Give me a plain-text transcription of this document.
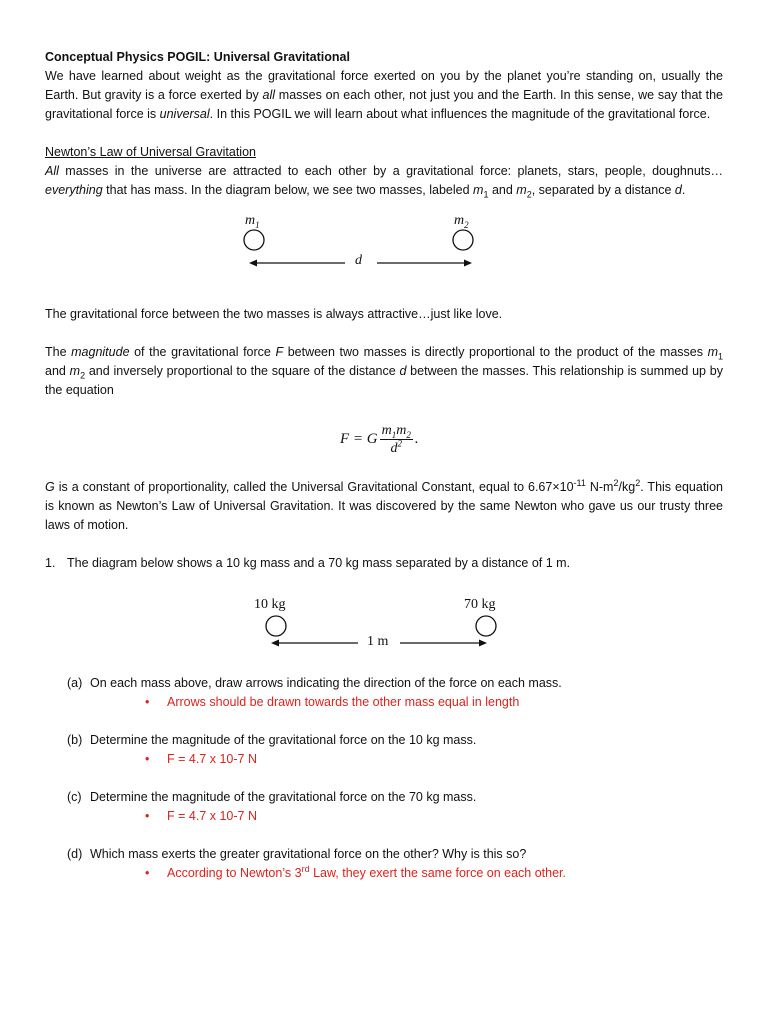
Conceptual Physics POGIL: Universal Gravitational

We have learned about weight as the gravitational force exerted on you by the planet you’re standing on, usually the Earth. But gravity is a force exerted by all masses on each other, not just you and the Earth. In this sense, we say that the gravitational force is universal. In this POGIL we will learn about what influences the magnitude of the gravitational force.

Newton’s Law of Universal Gravitation

All masses in the universe are attracted to each other by a gravitational force: planets, stars, people, doughnuts…everything that has mass. In the diagram below, we see two masses, labeled $m_1$ and $m_2$, separated by a distance d.

$m_1$	$m_2$
d

The gravitational force between the two masses is always attractive…just like love.

The magnitude of the gravitational force F between two masses is directly proportional to the product of the masses $m_1$ and $m_2$ and inversely proportional to the square of the distance d between the masses. This relationship is summed up by the equation

F = G $\frac{m_1m_2}{d^2}$ .

G is a constant of proportionality, called the Universal Gravitational Constant, equal to $6.67\times 10^{-11}$ $N-m^2/kg^2$. This equation is known as Newton’s Law of Universal Gravitation. It was discovered by the same Newton who gave us our trusty three laws of motion.

1. The diagram below shows a 10 kg mass and a 70 kg mass separated by a distance of 1 m.

10 kg	70 kg
1 m

(a) On each mass above, draw arrows indicating the direction of the force on each mass.

• Arrows should be drawn towards the other mass equal in length

(b) Determine the magnitude of the gravitational force on the 10 kg mass.

• F = 4.7 x 10-7 N

(c) Determine the magnitude of the gravitational force on the 70 kg mass.

• F = 4.7 x 10-7 N

(d) Which mass exerts the greater gravitational force on the other? Why is this so?

• According to Newton’s 3rd Law, they exert the same force on each other.
